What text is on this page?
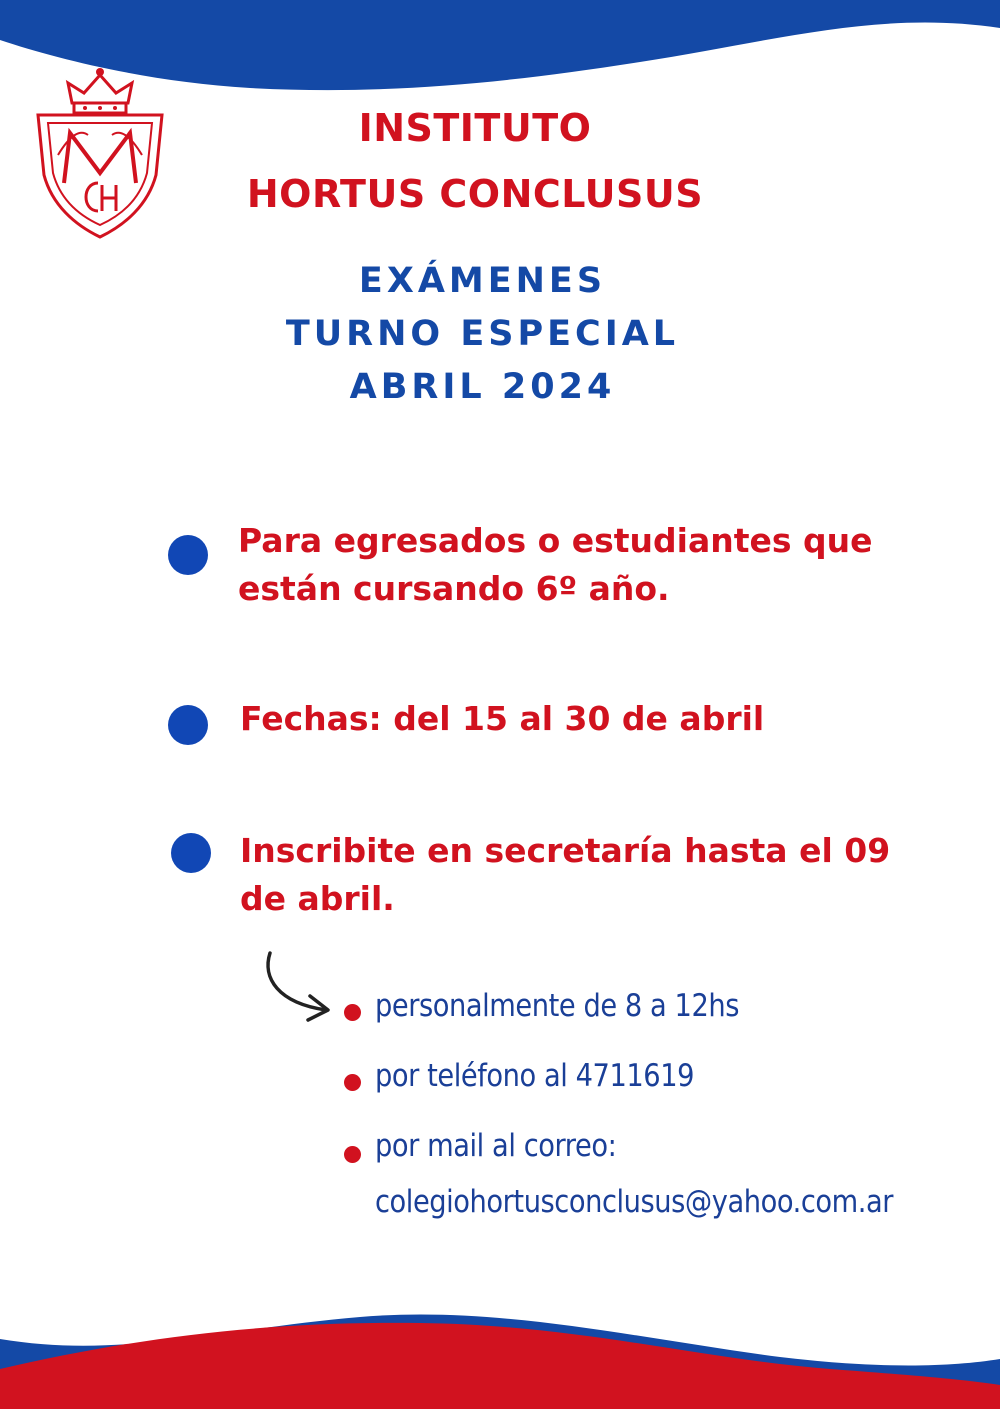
INSTITUTO
HORTUS CONCLUSUS
EXÁMENES
TURNO ESPECIAL
ABRIL 2024
Para egresados o estudiantes que
están cursando 6º año.
Fechas: del 15 al 30 de abril
Inscribite en secretaría hasta el 09
de abril.
personalmente de 8 a 12hs
por teléfono al 4711619
por mail al correo:
colegiohortusconclusus@yahoo.com.ar
